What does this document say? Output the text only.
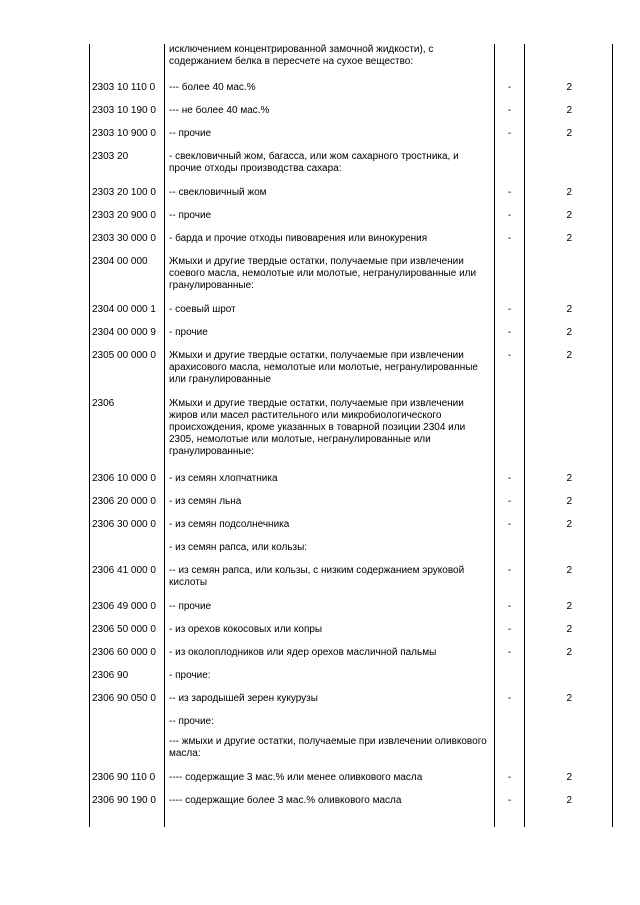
	исключением концентрированной замочной жидкости), с содержанием белка в пересчете на сухое вещество:		
2303 10 110 0	--- более 40 мас.%	-	2
2303 10 190 0	--- не более 40 мас.%	-	2
2303 10 900 0	-- прочие	-	2
2303 20	- свекловичный жом, багасса, или жом сахарного тростника, и прочие отходы производства сахара:		
2303 20 100 0	-- свекловичный жом	-	2
2303 20 900 0	-- прочие	-	2
2303 30 000 0	- барда и прочие отходы пивоварения или винокурения	-	2
2304 00 000	Жмыхи и другие твердые остатки, получаемые при извлечении соевого масла, немолотые или молотые, негранулированные или гранулированные:		
2304 00 000 1	- соевый шрот	-	2
2304 00 000 9	- прочие	-	2
2305 00 000 0	Жмыхи и другие твердые остатки, получаемые при извлечении арахисового масла, немолотые или молотые, негранулированные или гранулированные	-	2
2306	Жмыхи и другие твердые остатки, получаемые при извлечении жиров или масел растительного или микробиологического происхождения, кроме указанных в товарной позиции 2304 или 2305, немолотые или молотые, негранулированные или гранулированные:		
2306 10 000 0	- из семян хлопчатника	-	2
2306 20 000 0	- из семян льна	-	2
2306 30 000 0	- из семян подсолнечника	-	2
	- из семян рапса, или кользы:		
2306 41 000 0	-- из семян рапса, или кользы, с низким содержанием эруковой кислоты	-	2
2306 49 000 0	-- прочие	-	2
2306 50 000 0	- из орехов кокосовых или копры	-	2
2306 60 000 0	- из околоплодников или ядер орехов масличной пальмы	-	2
2306 90	- прочие:		
2306 90 050 0	-- из зародышей зерен кукурузы	-	2
	-- прочие:		
	--- жмыхи и другие остатки, получаемые при извлечении оливкового масла:		
2306 90 110 0	---- содержащие 3 мас.% или менее оливкового масла	-	2
2306 90 190 0	---- содержащие более 3 мас.% оливкового масла	-	2
